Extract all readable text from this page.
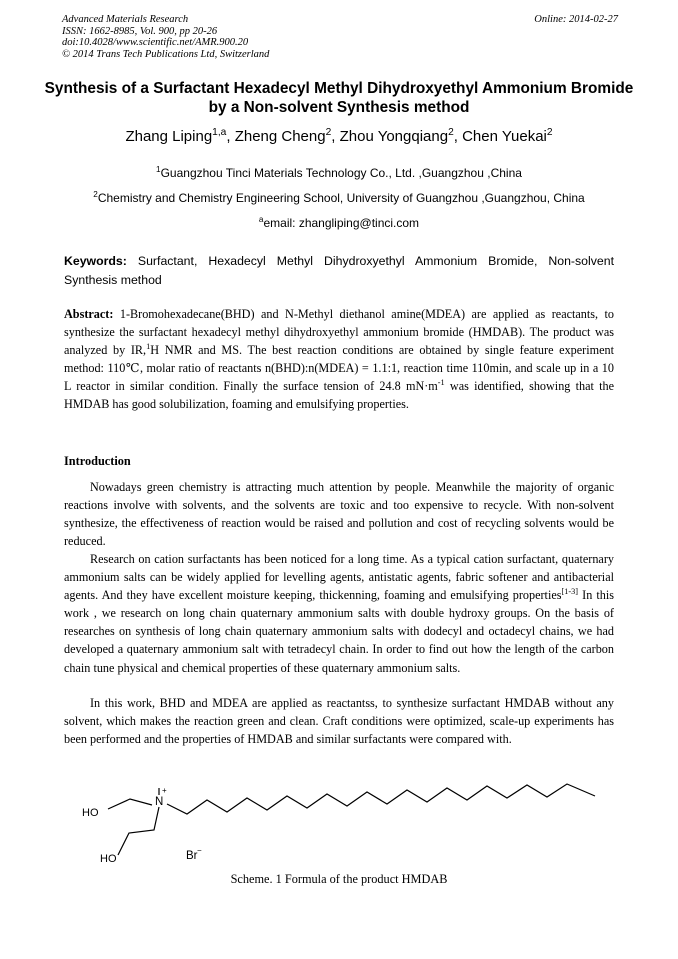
Advanced Materials Research
ISSN: 1662-8985, Vol. 900, pp 20-26
doi:10.4028/www.scientific.net/AMR.900.20
© 2014 Trans Tech Publications Ltd, Switzerland
Online: 2014-02-27
Synthesis of a Surfactant Hexadecyl Methyl Dihydroxyethyl Ammonium Bromide by a Non-solvent Synthesis method
Zhang Liping$^{1,a}$, Zheng Cheng$^2$, Zhou Yongqiang$^2$, Chen Yuekai$^2$
$^1$Guangzhou Tinci Materials Technology Co., Ltd. ,Guangzhou ,China
$^2$Chemistry and Chemistry Engineering School, University of Guangzhou ,Guangzhou, China
$^a$email: zhangliping@tinci.com
Keywords: Surfactant, Hexadecyl Methyl Dihydroxyethyl Ammonium Bromide, Non-solvent
Synthesis method
Abstract: 1-Bromohexadecane(BHD) and N-Methyl diethanol amine(MDEA) are applied as reactants, to synthesize the surfactant hexadecyl methyl dihydroxyethyl ammonium bromide (HMDAB). The product was analyzed by IR,$^1$H NMR and MS. The best reaction conditions are obtained by single feature experiment method: 110℃, molar ratio of reactants n(BHD):n(MDEA) = 1.1:1, reaction time 110min, and scale up in a 10 L reactor in similar condition. Finally the surface tension of 24.8 $mN\cdot m^{-1}$ was identified, showing that the HMDAB has good solubilization, foaming and emulsifying properties.
Introduction
Nowadays green chemistry is attracting much attention by people. Meanwhile the majority of organic reactions involve with solvents, and the solvents are toxic and too expensive to recycle. With non-solvent synthesize, the effectiveness of reaction would be raised and pollution and cost of recycling solvents would be reduced.
Research on cation surfactants has been noticed for a long time. As a typical cation surfactant, quaternary ammonium salts can be widely applied for levelling agents, antistatic agents, fabric softener and antibacterial agents. And they have excellent moisture keeping, thickenning, foaming and emulsifying properties[1-3] In this work , we research on long chain quaternary ammonium salts with double hydroxy groups. On the basis of researches on synthesis of long chain quaternary ammonium salts with dodecyl and octadecyl chains, we had developed a quaternary ammonium salt with tetradecyl chain. In order to find out how the length of the carbon chain tune physical and chemical properties of these quaternary ammonium salts.
In this work, BHD and MDEA are applied as reactantss, to synthesize surfactant HMDAB without any solvent, which makes the reaction green and clean. Craft conditions were optimized, scale-up experiments has been performed and the properties of HMDAB and similar surfactants were compared with.
HO
HO
N
+
Br −
Scheme. 1 Formula of the product HMDAB
